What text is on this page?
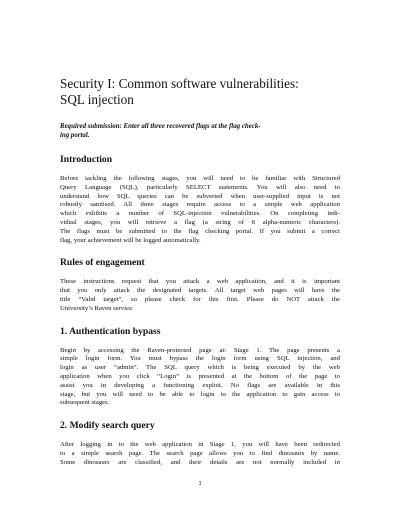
Security I: Common software vulnerabilities:
SQL injection

Required submission: Enter all three recovered flags at the flag check-
ing portal.

Introduction
Before tackling the following stages, you will need to be familiar with Structured
Query Language (SQL), particularly SELECT statements. You will also need to
understand how SQL queries can be subverted when user-supplied input is not
robustly sanitised. All three stages require access to a simple web application
which exhibits a number of SQL-injection vulnerabilities. On completing indi-
vidual stages, you will retrieve a flag (a string of 8 alpha-numeric characters).
The flags must be submitted to the flag checking portal. If you submit a correct
flag, your achievement will be logged automatically.
Rules of engagement
These instructions request that you attack a web application, and it is important
that you only attack the designated targets. All target web pages will have the
title “Valid target”, so please check for this first. Please do NOT attack the
University’s Raven service.
1. Authentication bypass
Begin by accessing the Raven-protected page at: Stage 1. The page presents a
simple login form. You must bypass the login form using SQL injection, and
login as user “admin”. The SQL query which is being executed by the web
application when you click “Login” is presented at the bottom of the page to
assist you in developing a functioning exploit. No flags are available in this
stage, but you will need to be able to login to the application to gain access to
subsequent stages.
2. Modify search query
After logging in to the web application in Stage 1, you will have been redirected
to a simple search page. The search page allows you to find dinosaurs by name.
Some dinosaurs are classified, and their details are not normally included in
1
